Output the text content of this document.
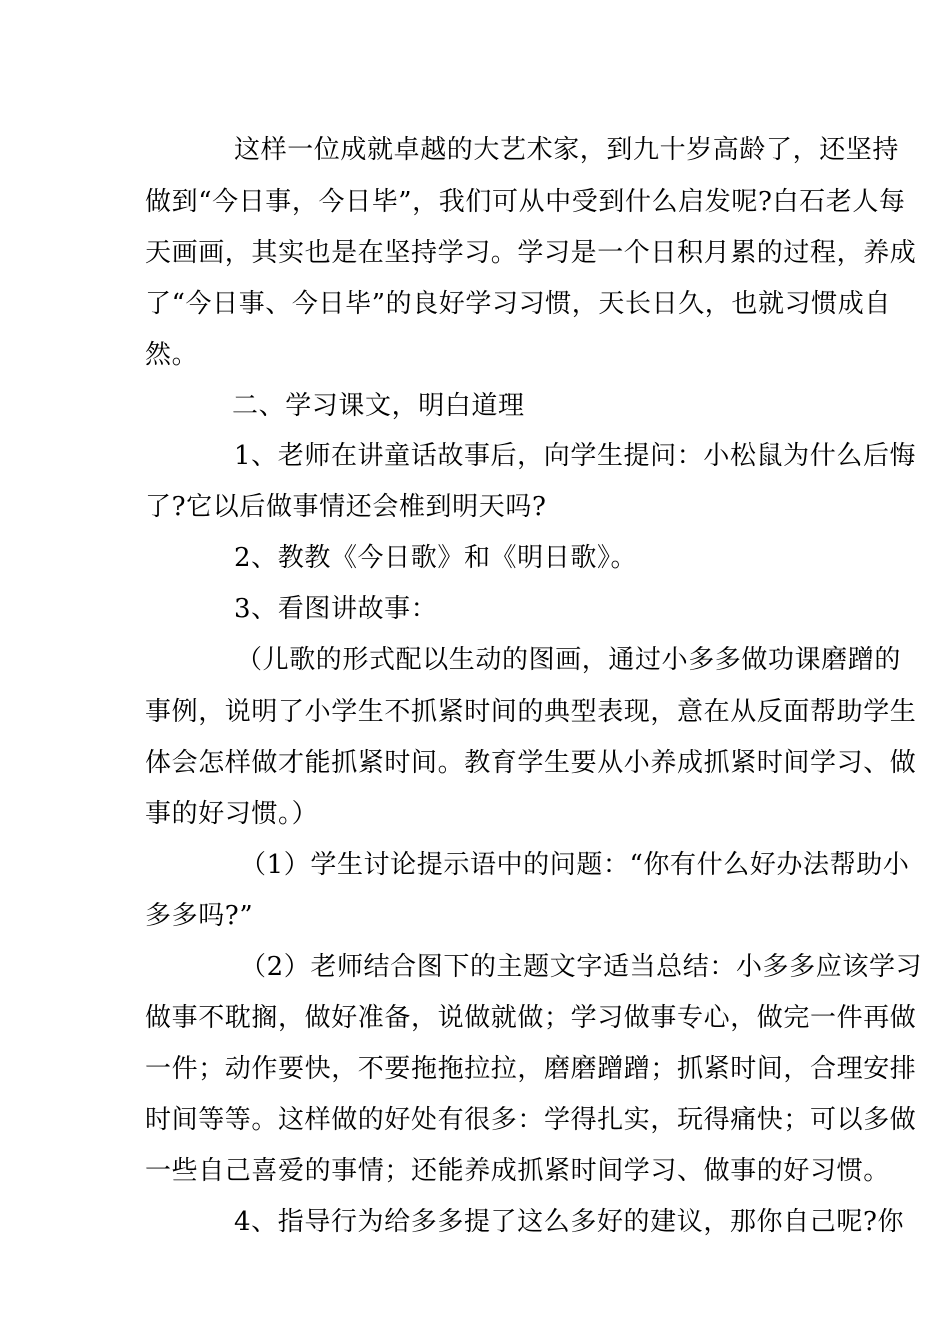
这样一位成就卓越的大艺术家，到九十岁高龄了，还坚持
做到“今日事，今日毕”，我们可从中受到什么启发呢?白石老人每
天画画，其实也是在坚持学习。学习是一个日积月累的过程，养成
了“今日事、今日毕”的良好学习习惯，天长日久，也就习惯成自
然。
二、学习课文，明白道理
1、老师在讲童话故事后，向学生提问：小松鼠为什么后悔
了?它以后做事情还会椎到明天吗?
2、教教《今日歌》和《明日歌》。
3、看图讲故事：
（儿歌的形式配以生动的图画，通过小多多做功课磨蹭的
事例，说明了小学生不抓紧时间的典型表现，意在从反面帮助学生
体会怎样做才能抓紧时间。教育学生要从小养成抓紧时间学习、做
事的好习惯。）
（1）学生讨论提示语中的问题：“你有什么好办法帮助小
多多吗?”
（2）老师结合图下的主题文字适当总结：小多多应该学习
做事不耽搁，做好准备，说做就做；学习做事专心，做完一件再做
一件；动作要快，不要拖拖拉拉，磨磨蹭蹭；抓紧时间，合理安排
时间等等。这样做的好处有很多：学得扎实，玩得痛快；可以多做
一些自己喜爱的事情；还能养成抓紧时间学习、做事的好习惯。
4、指导行为给多多提了这么多好的建议，那你自己呢?你
